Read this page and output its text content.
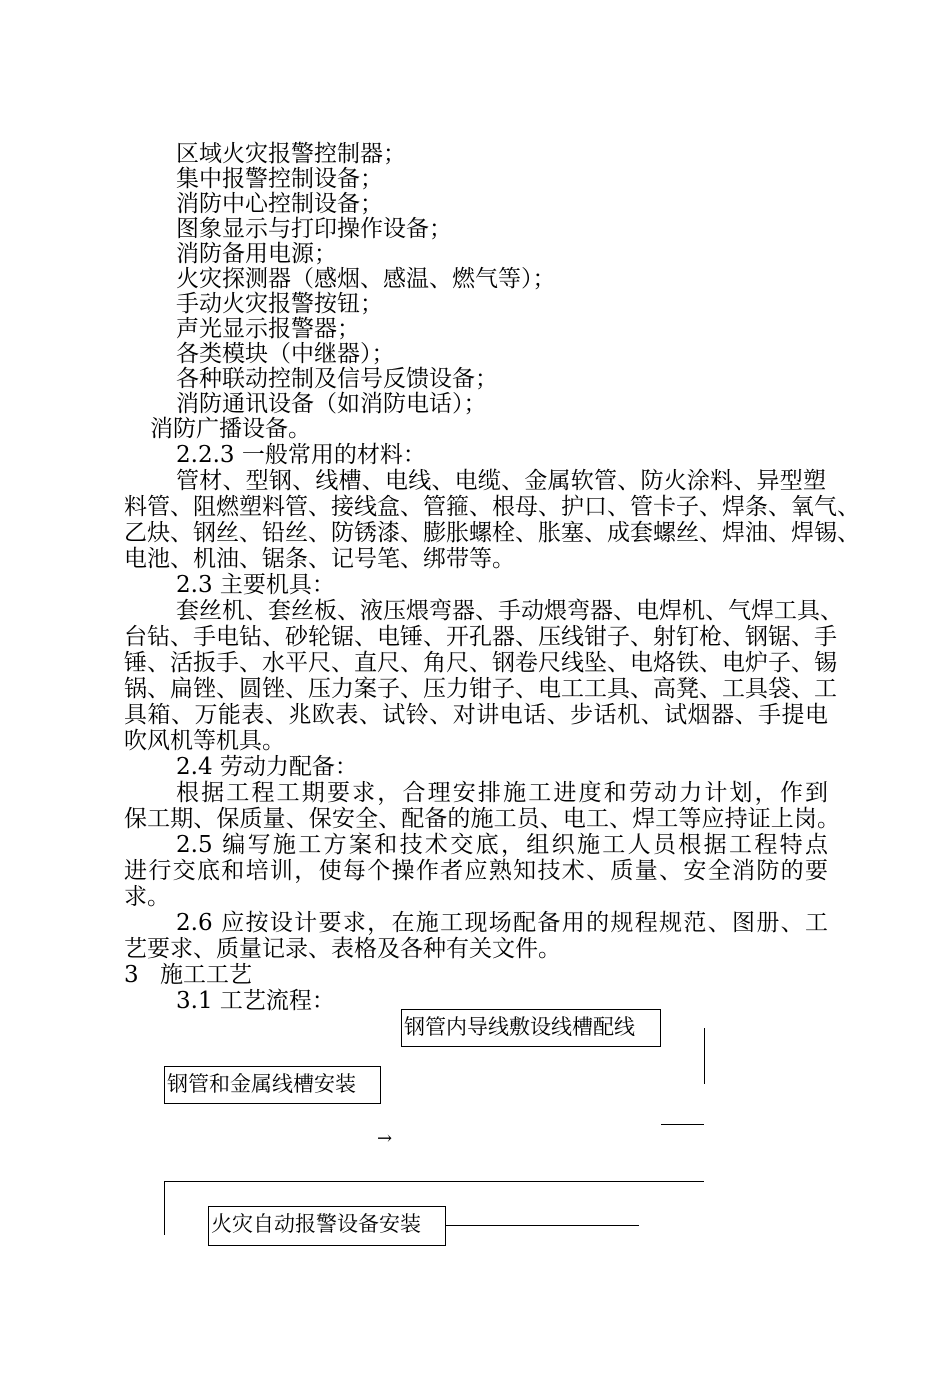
区域火灾报警控制器；
集中报警控制设备；
消防中心控制设备；
图象显示与打印操作设备；
消防备用电源；
火灾探测器（感烟、感温、燃气等）；
手动火灾报警按钮；
声光显示报警器；
各类模块（中继器）；
各种联动控制及信号反馈设备；
消防通讯设备（如消防电话）；
消防广播设备。
2.2.3 一般常用的材料：
管材、型钢、线槽、电线、电缆、金属软管、防火涂料、异型塑
料管、阻燃塑料管、接线盒、管箍、根母、护口、管卡子、焊条、氧气、
乙炔、钢丝、铅丝、防锈漆、膨胀螺栓、胀塞、成套螺丝、焊油、焊锡、
电池、机油、锯条、记号笔、绑带等。
2.3 主要机具：
套丝机、套丝板、液压煨弯器、手动煨弯器、电焊机、气焊工具、
台钻、手电钻、砂轮锯、电锤、开孔器、压线钳子、射钉枪、钢锯、手
锤、活扳手、水平尺、直尺、角尺、钢卷尺线坠、电烙铁、电炉子、锡
锅、扁锉、圆锉、压力案子、压力钳子、电工工具、高凳、工具袋、工
具箱、万能表、兆欧表、试铃、对讲电话、步话机、试烟器、手提电
吹风机等机具。
2.4 劳动力配备：
根据工程工期要求，合理安排施工进度和劳动力计划，作到
保工期、保质量、保安全、配备的施工员、电工、焊工等应持证上岗。
2.5 编写施工方案和技术交底，组织施工人员根据工程特点
进行交底和培训，使每个操作者应熟知技术、质量、安全消防的要
求。
2.6 应按设计要求，在施工现场配备用的规程规范、图册、工
艺要求、质量记录、表格及各种有关文件。
3 施工工艺
3.1 工艺流程：
钢管内导线敷设线槽配线
钢管和金属线槽安装
→
火灾自动报警设备安装
